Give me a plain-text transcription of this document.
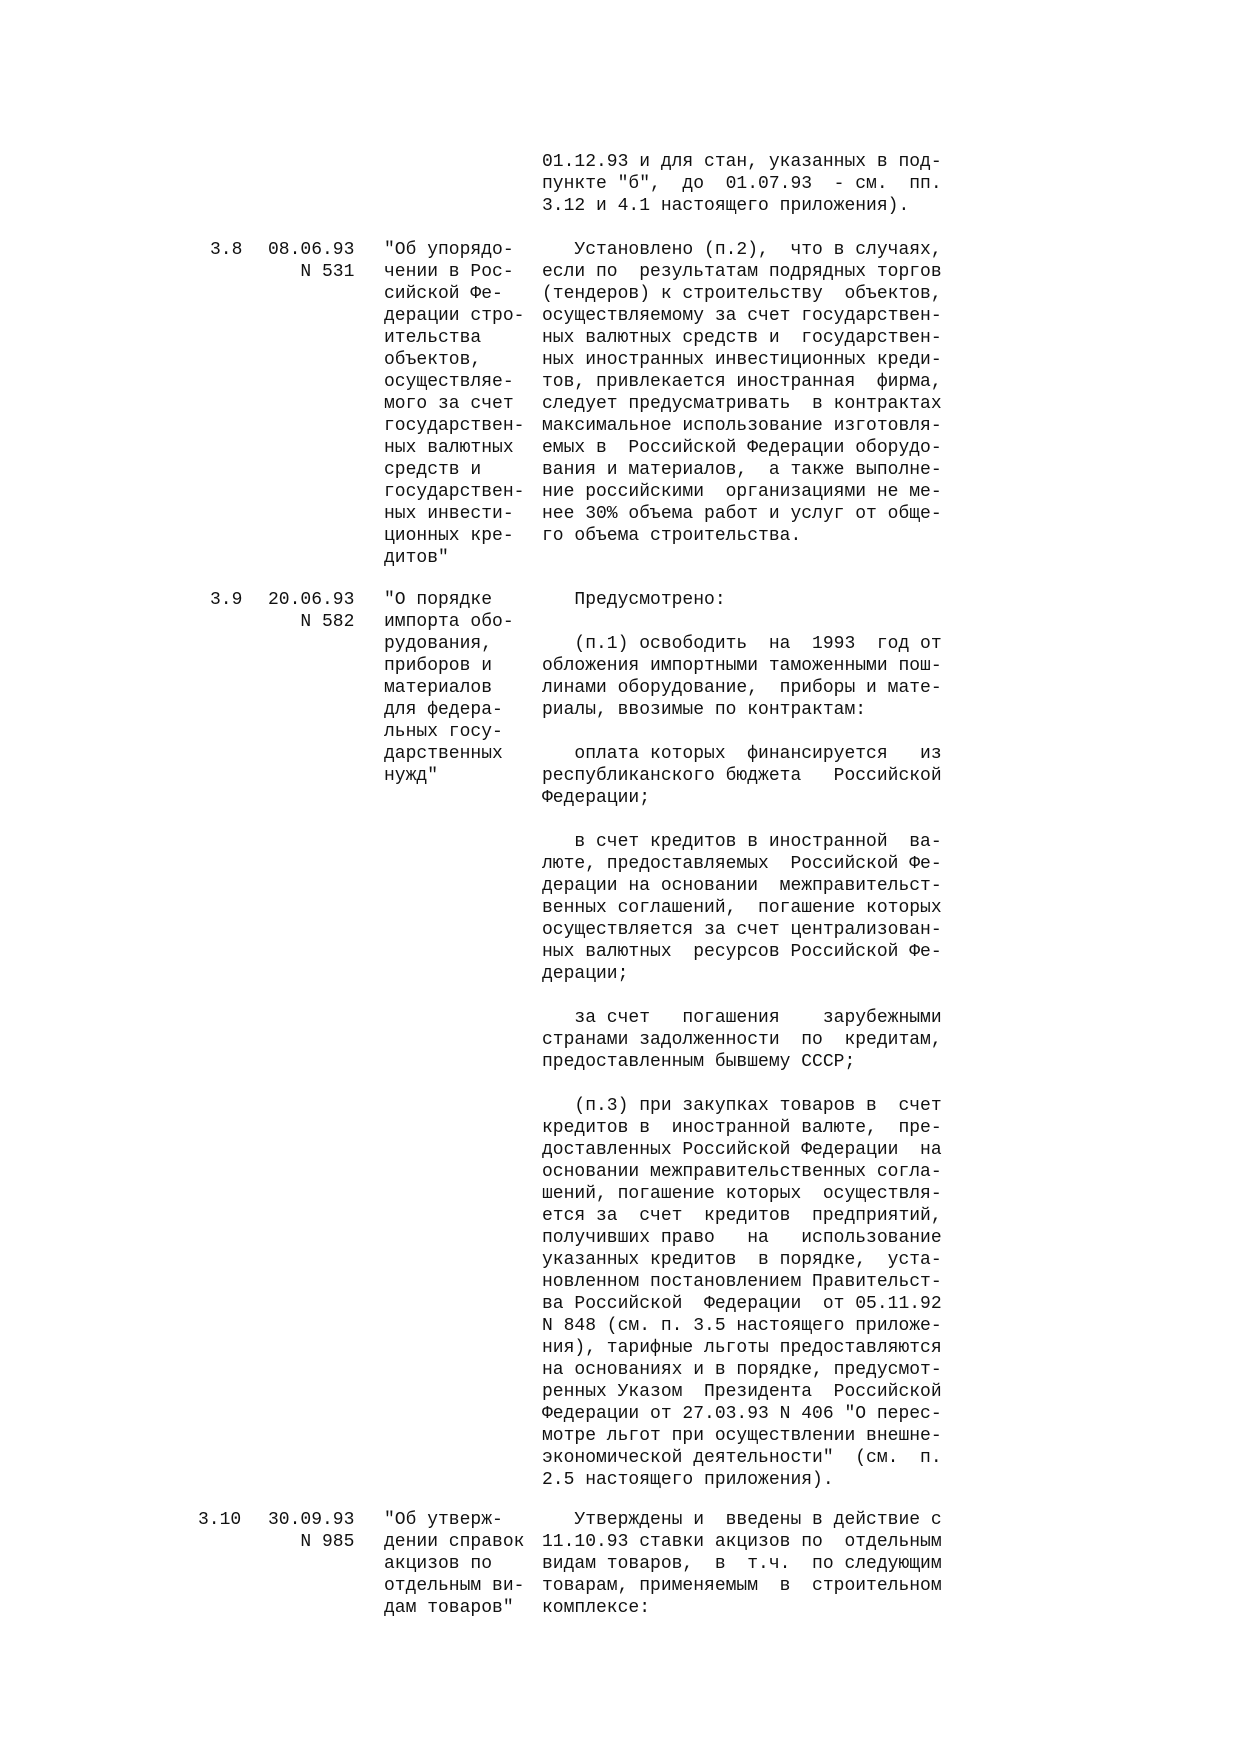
01.12.93 и для стан, указанных в под-
пункте "б",  до  01.07.93  - см.  пп.
3.12 и 4.1 настоящего приложения).
3.8 08.06.93
N 531
"Об упорядо-
чении в Рос-
сийской Фе-
дерации стро-
ительства
объектов,
осуществляе-
мого за счет
государствен-
ных валютных
средств и
государствен-
ных инвести-
ционных кре-
дитов"
Установлено (п.2),  что в случаях,
если по  результатам подрядных торгов
(тендеров) к строительству  объектов,
осуществляемому за счет государствен-
ных валютных средств и  государствен-
ных иностранных инвестиционных креди-
тов, привлекается иностранная  фирма,
следует предусматривать  в контрактах
максимальное использование изготовля-
емых в  Российской Федерации оборудо-
вания и материалов,  а также выполне-
ние российскими  организациями не ме-
нее 30% объема работ и услуг от обще-
го объема строительства.
3.9 20.06.93
N 582
"О порядке
импорта обо-
рудования,
приборов и
материалов
для федера-
льных госу-
дарственных
нужд"
Предусмотрено:

(п.1) освободить  на  1993  год от
обложения импортными таможенными пош-
линами оборудование,  приборы и мате-
риалы, ввозимые по контрактам:

оплата которых  финансируется   из
республиканского бюджета   Российской
Федерации;

в счет кредитов в иностранной  ва-
люте, предоставляемых  Российской Фе-
дерации на основании  межправительст-
венных соглашений,  погашение которых
осуществляется за счет централизован-
ных валютных  ресурсов Российской Фе-
дерации;

за счет   погашения    зарубежными
странами задолженности  по  кредитам,
предоставленным бывшему СССР;

(п.3) при закупках товаров в  счет
кредитов в  иностранной валюте,  пре-
доставленных Российской Федерации  на
основании межправительственных согла-
шений, погашение которых  осуществля-
ется за  счет  кредитов  предприятий,
получивших право   на   использование
указанных кредитов  в порядке,  уста-
новленном постановлением Правительст-
ва Российской  Федерации  от 05.11.92
N 848 (см. п. 3.5 настоящего приложе-
ния), тарифные льготы предоставляются
на основаниях и в порядке, предусмот-
ренных Указом  Президента  Российской
Федерации от 27.03.93 N 406 "О перес-
мотре льгот при осуществлении внешне-
экономической деятельности"  (см.  п.
2.5 настоящего приложения).
3.10 30.09.93
N 985
"Об утверж-
дении справок
акцизов по
отдельным ви-
дам товаров"
Утверждены и  введены в действие с
11.10.93 ставки акцизов по  отдельным
видам товаров,  в  т.ч.  по следующим
товарам, применяемым  в  строительном
комплексе:
